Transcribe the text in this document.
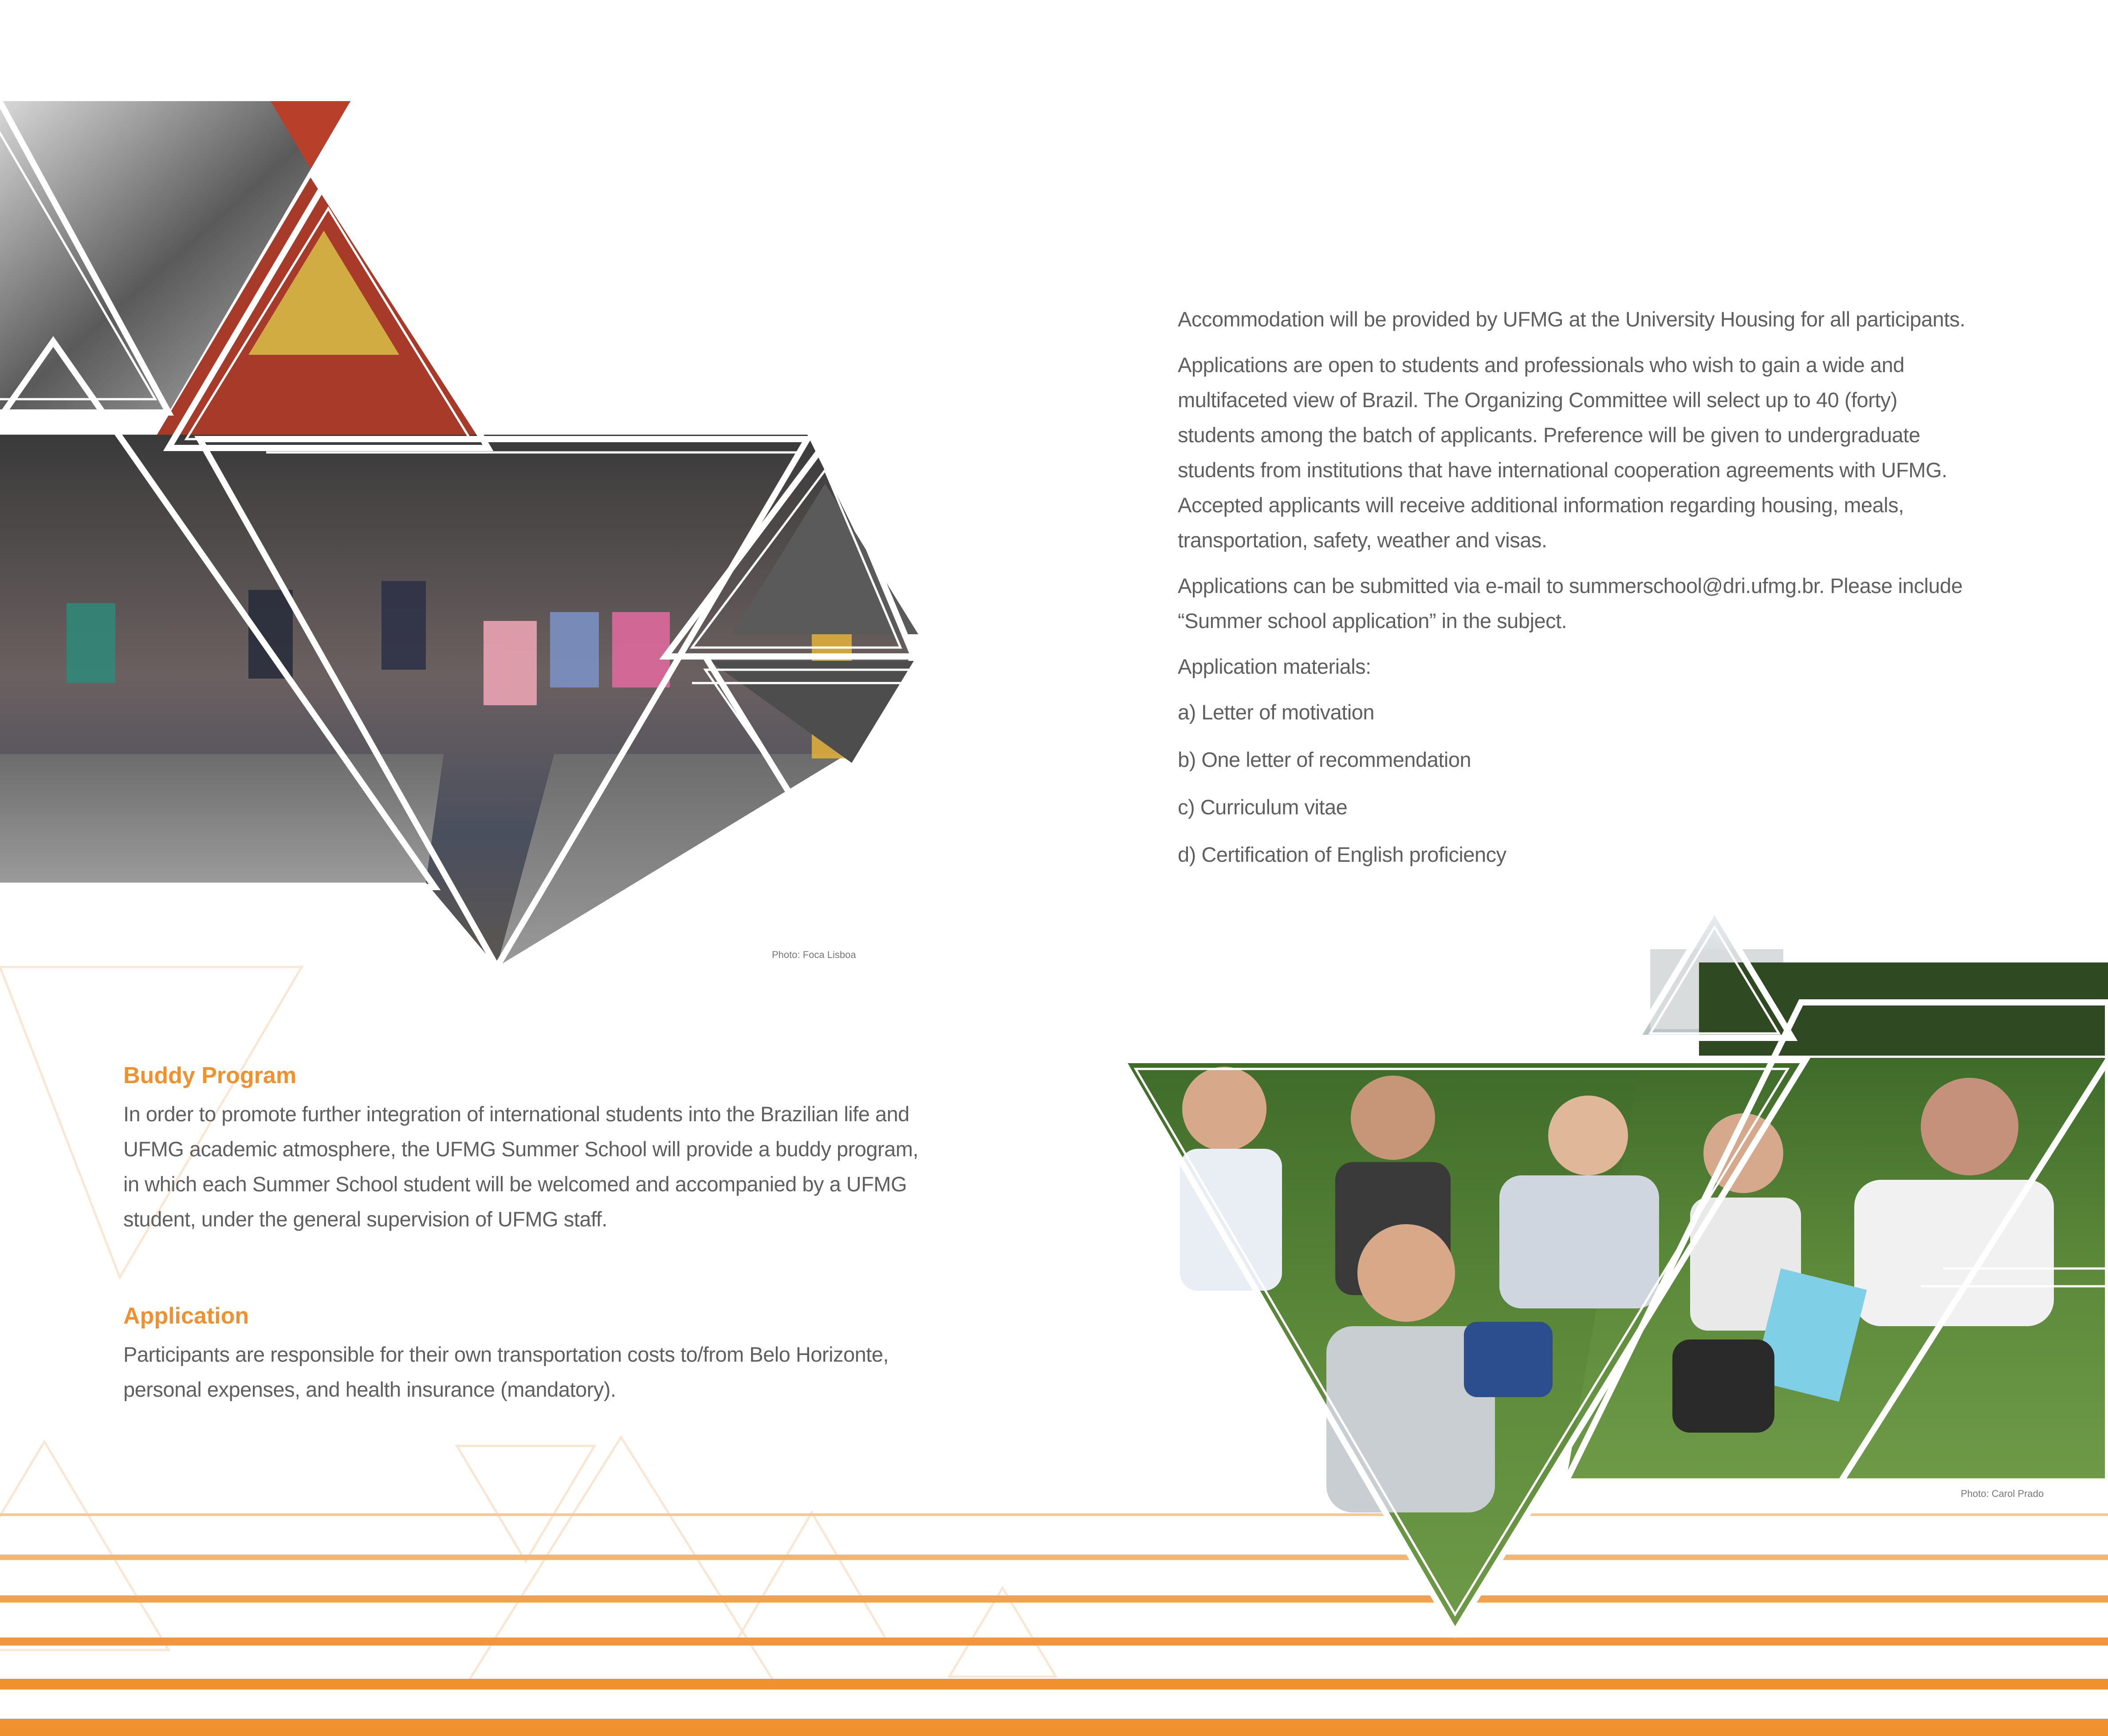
Photo: Foca Lisboa
Photo: Carol Prado

Accommodation will be provided by UFMG at the University Housing for all participants.

Applications are open to students and professionals who wish to gain a wide and multifaceted view of Brazil. The Organizing Committee will select up to 40 (forty) students among the batch of applicants. Preference will be given to undergraduate students from institutions that have international cooperation agreements with UFMG. Accepted applicants will receive additional information regarding housing, meals, transportation, safety, weather and visas.

Applications can be submitted via e-mail to summerschool@dri.ufmg.br. Please include “Summer school application” in the subject.

Application materials:

a) Letter of motivation

b) One letter of recommendation

c) Curriculum vitae

d) Certification of English proficiency

Buddy Program

In order to promote further integration of international students into the Brazilian life and UFMG academic atmosphere, the UFMG Summer School will provide a buddy program, in which each Summer School student will be welcomed and accompanied by a UFMG student, under the general supervision of UFMG staff.

Application

Participants are responsible for their own transportation costs to/from Belo Horizonte, personal expenses, and health insurance (mandatory).
